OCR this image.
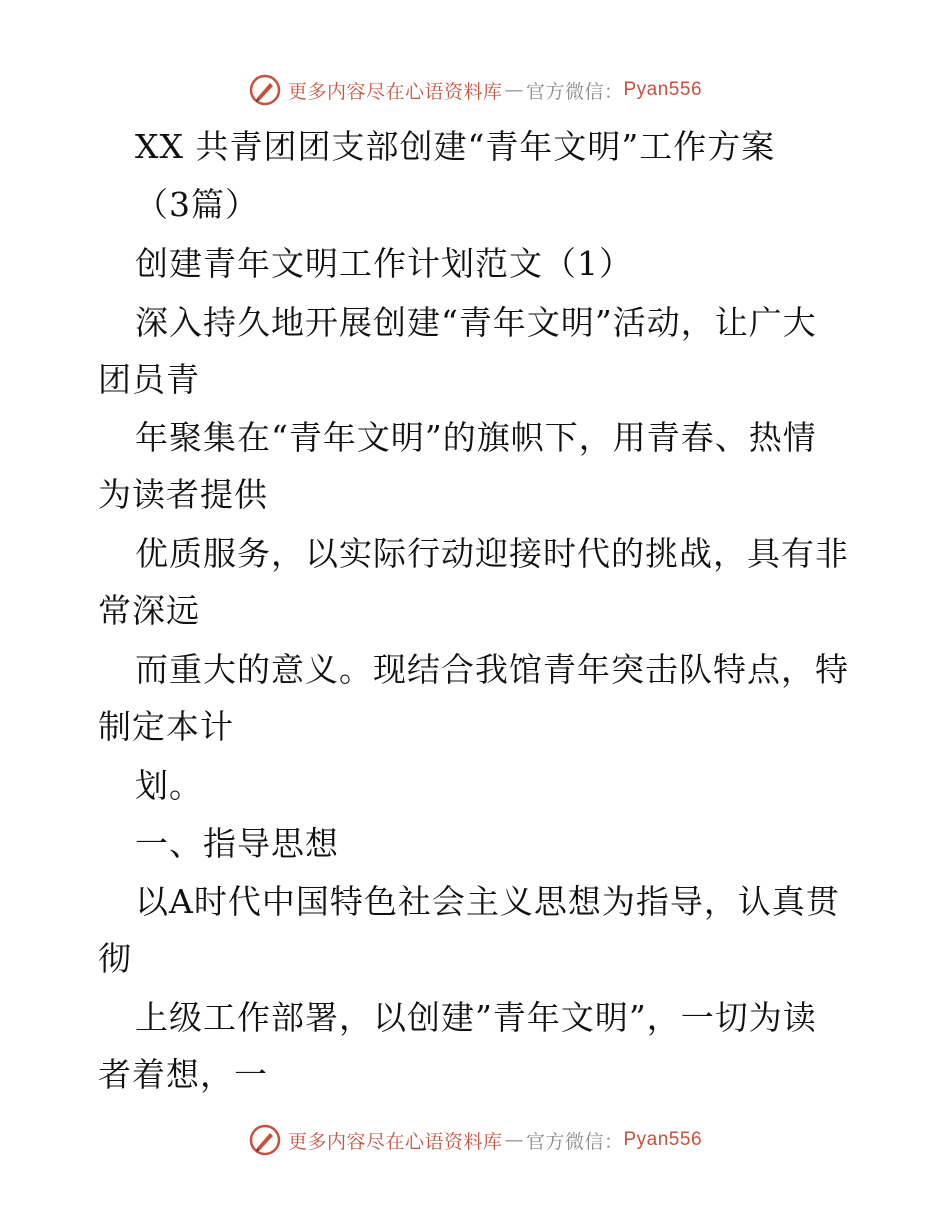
更多内容尽在心语资料库 — 官方微信： Pyan556
XX 共青团团支部创建“青年文明”工作方案
（3篇）
创建青年文明工作计划范文（1）
深入持久地开展创建“青年文明”活动，让广大
团员青
年聚集在“青年文明”的旗帜下，用青春、热情
为读者提供
优质服务，以实际行动迎接时代的挑战，具有非
常深远
而重大的意义。现结合我馆青年突击队特点，特
制定本计
划。
一、指导思想
以A时代中国特色社会主义思想为指导，认真贯
彻
上级工作部署，以创建”青年文明”，一切为读
者着想，一
更多内容尽在心语资料库 — 官方微信： Pyan556
